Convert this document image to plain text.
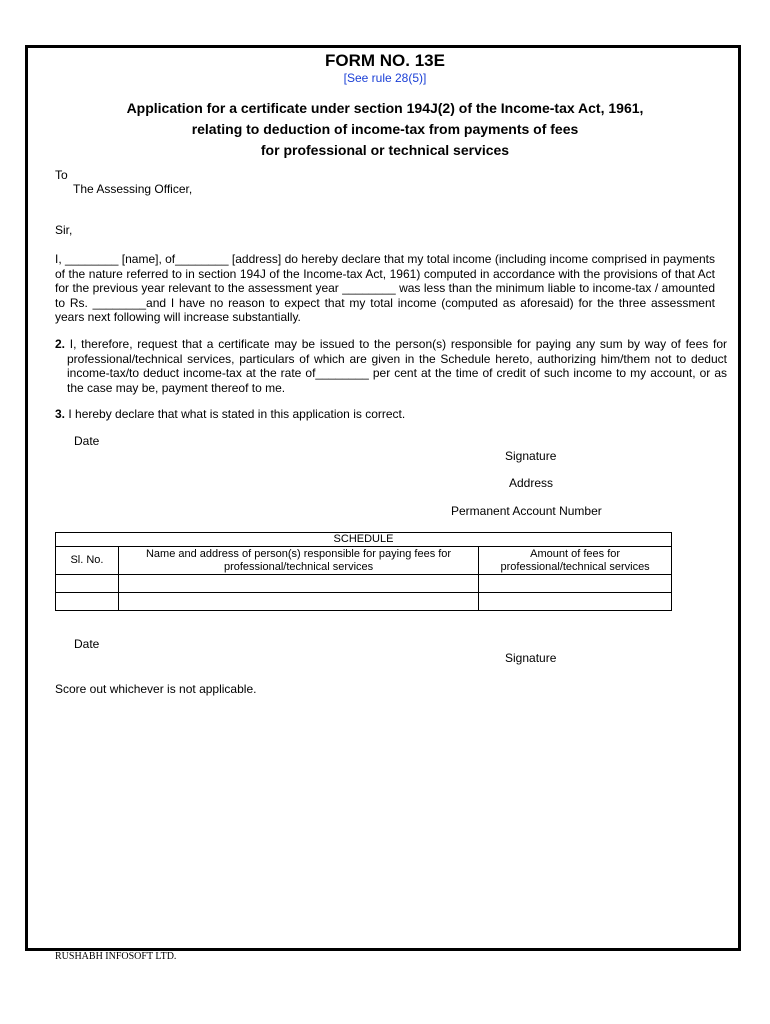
FORM NO. 13E
[See rule 28(5)]
Application for a certificate under section 194J(2) of the Income-tax Act, 1961,
relating to deduction of income-tax from payments of fees
for professional or technical services
To
The Assessing Officer,
Sir,
I, ________ [name], of________ [address] do hereby declare that my total income (including income comprised in payments of the nature referred to in section 194J of the Income-tax Act, 1961) computed in accordance with the provisions of that Act for the previous year relevant to the assessment year ________ was less than the minimum liable to income-tax / amounted to Rs. ________and I have no reason to expect that my total income (computed as aforesaid) for the three assessment years next following will increase substantially.
2. I, therefore, request that a certificate may be issued to the person(s) responsible for paying any sum by way of fees for professional/technical services, particulars of which are given in the Schedule hereto, authorizing him/them not to deduct income-tax/to deduct income-tax at the rate of________ per cent at the time of credit of such income to my account, or as the case may be, payment thereof to me.
3. I hereby declare that what is stated in this application is correct.
Date
Signature
Address
Permanent Account Number
SCHEDULE		
Sl. No.	Name and address of person(s) responsible for paying fees for professional/technical services	Amount of fees for professional/technical services

Date
Signature
Score out whichever is not applicable.
RUSHABH INFOSOFT LTD.
